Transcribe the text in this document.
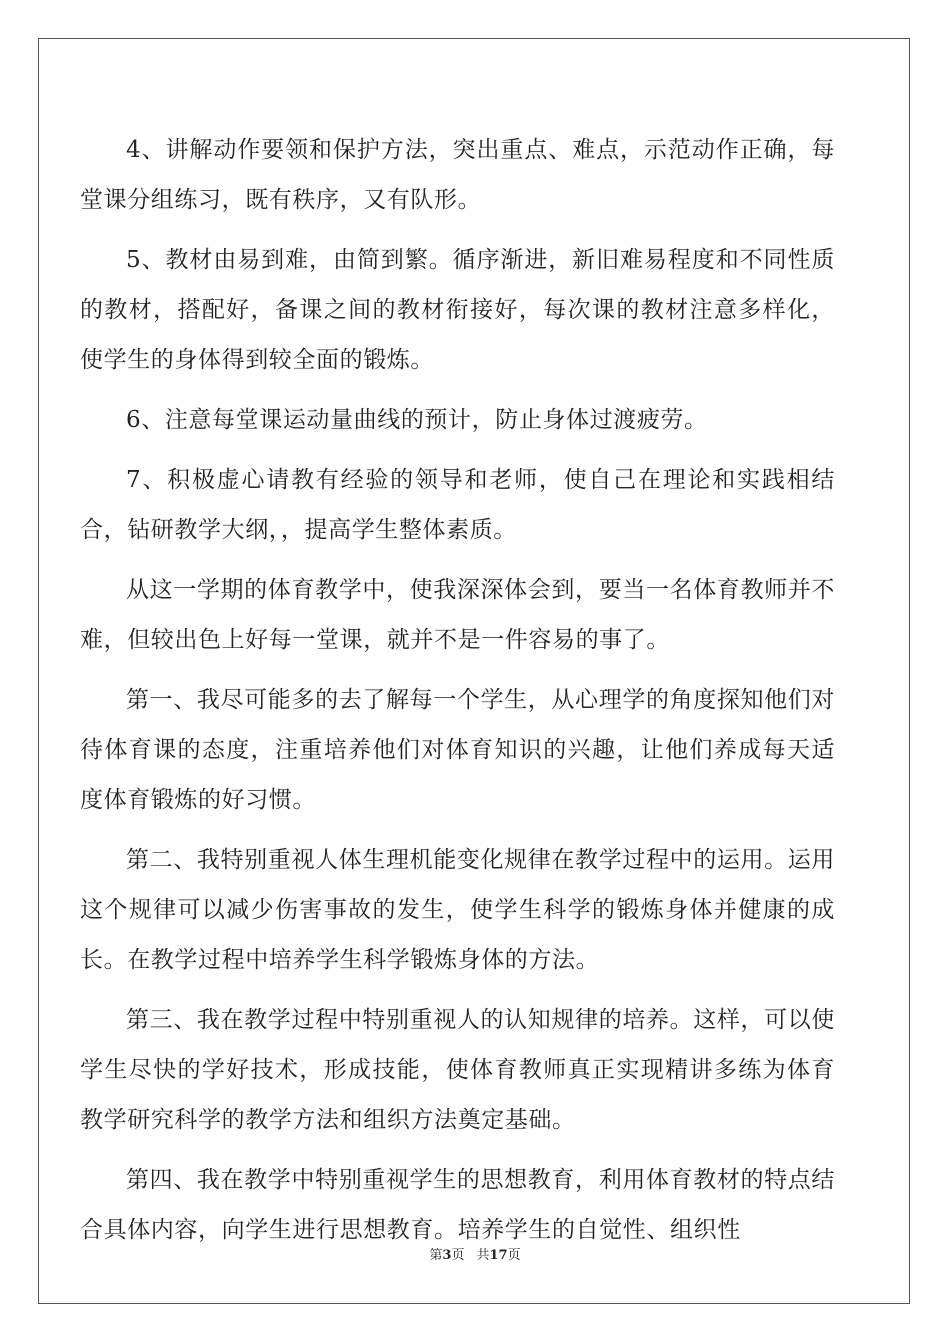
4、讲解动作要领和保护方法，突出重点、难点，示范动作正确，每堂课分组练习，既有秩序，又有队形。

5、教材由易到难，由简到繁。循序渐进，新旧难易程度和不同性质的教材，搭配好，备课之间的教材衔接好，每次课的教材注意多样化，使学生的身体得到较全面的锻炼。

6、注意每堂课运动量曲线的预计，防止身体过渡疲劳。

7、积极虚心请教有经验的领导和老师，使自己在理论和实践相结合，钻研教学大纲，，提高学生整体素质。

从这一学期的体育教学中，使我深深体会到，要当一名体育教师并不难，但较出色上好每一堂课，就并不是一件容易的事了。

第一、我尽可能多的去了解每一个学生，从心理学的角度探知他们对待体育课的态度，注重培养他们对体育知识的兴趣，让他们养成每天适度体育锻炼的好习惯。

第二、我特别重视人体生理机能变化规律在教学过程中的运用。运用这个规律可以减少伤害事故的发生，使学生科学的锻炼身体并健康的成长。在教学过程中培养学生科学锻炼身体的方法。

第三、我在教学过程中特别重视人的认知规律的培养。这样，可以使学生尽快的学好技术，形成技能，使体育教师真正实现精讲多练为体育教学研究科学的教学方法和组织方法奠定基础。

第四、我在教学中特别重视学生的思想教育，利用体育教材的特点结合具体内容，向学生进行思想教育。培养学生的自觉性、组织性

第3页 共17页
